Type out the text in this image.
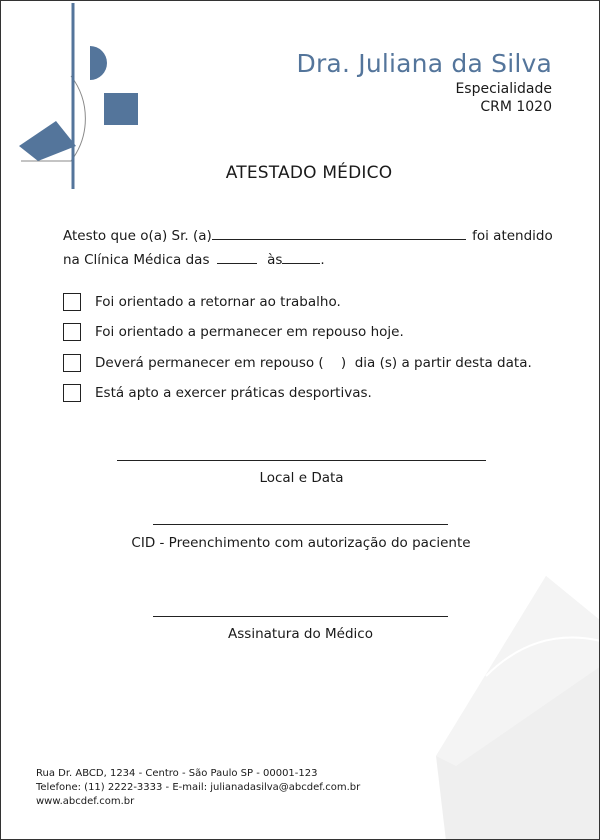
Dra. Juliana da Silva
Especialidade
CRM 1020
ATESTADO MÉDICO
Atesto que o(a) Sr. (a)	foi atendido
na Clínica Médica das	às	.
Foi orientado a retornar ao trabalho.
Foi orientado a permanecer em repouso hoje.
Deverá permanecer em repouso (    )  dia (s) a partir desta data.
Está apto a exercer práticas desportivas.
Local e Data
CID - Preenchimento com autorização do paciente
Assinatura do Médico
Rua Dr. ABCD, 1234 - Centro - São Paulo SP - 00001-123
Telefone: (11) 2222-3333 - E-mail: julianadasilva@abcdef.com.br
www.abcdef.com.br
